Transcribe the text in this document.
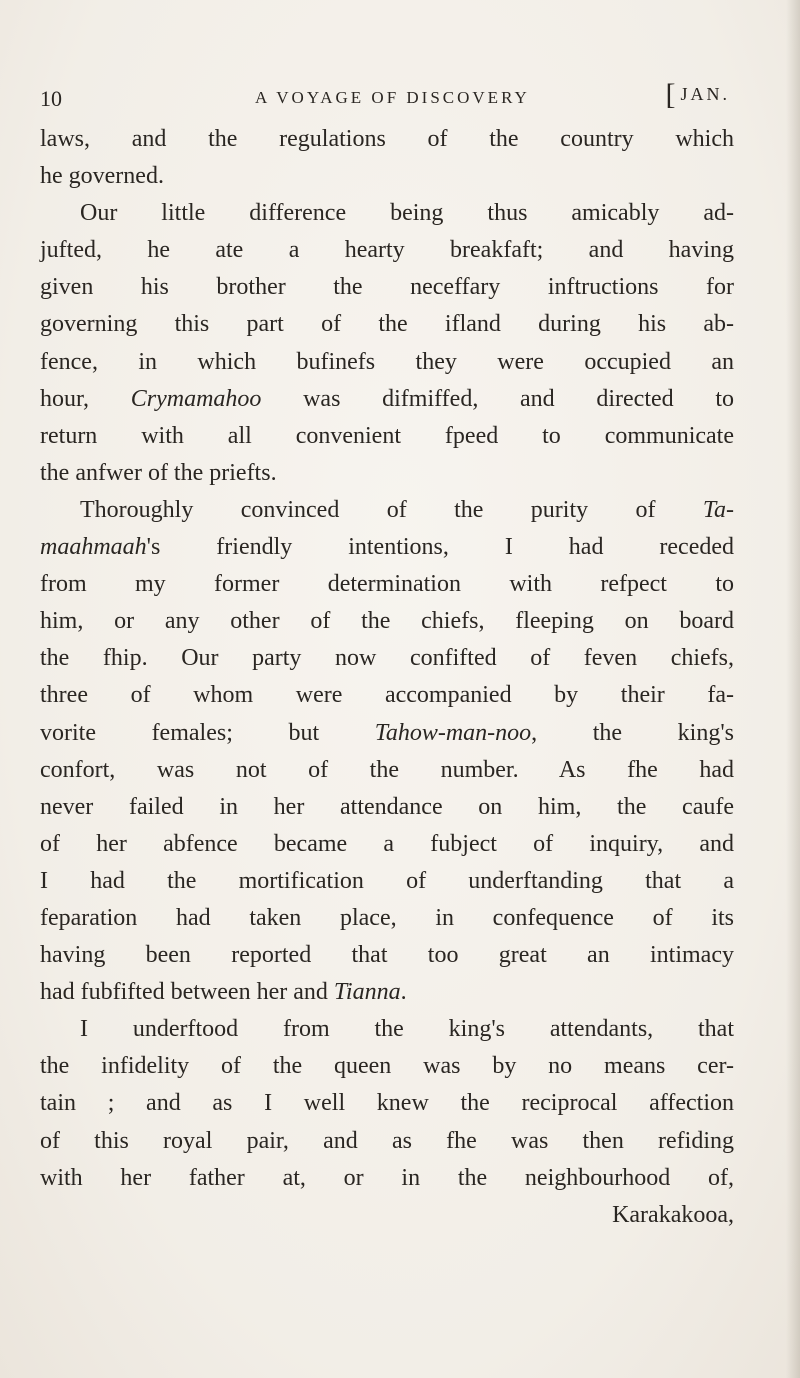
10	A VOYAGE OF DISCOVERY	[ JAN.
laws, and the regulations of the country which
he governed.
Our little difference being thus amicably ad-
jufted, he ate a hearty breakfaft; and having
given his brother the neceffary inftructions for
governing this part of the ifland during his ab-
fence, in which bufinefs they were occupied an
hour, Crymamahoo was difmiffed, and directed to
return with all convenient fpeed to communicate
the anfwer of the priefts.
Thoroughly convinced of the purity of Ta-
maahmaah's friendly intentions, I had receded
from my former determination with refpect to
him, or any other of the chiefs, fleeping on board
the fhip. Our party now confifted of feven chiefs,
three of whom were accompanied by their fa-
vorite females; but Tahow-man-noo, the king's
confort, was not of the number. As fhe had
never failed in her attendance on him, the caufe
of her abfence became a fubject of inquiry, and
I had the mortification of underftanding that a
feparation had taken place, in confequence of its
having been reported that too great an intimacy
had fubfifted between her and Tianna.
I underftood from the king's attendants, that
the infidelity of the queen was by no means cer-
tain ; and as I well knew the reciprocal affection
of this royal pair, and as fhe was then refiding
with her father at, or in the neighbourhood of,
Karakakooa,
